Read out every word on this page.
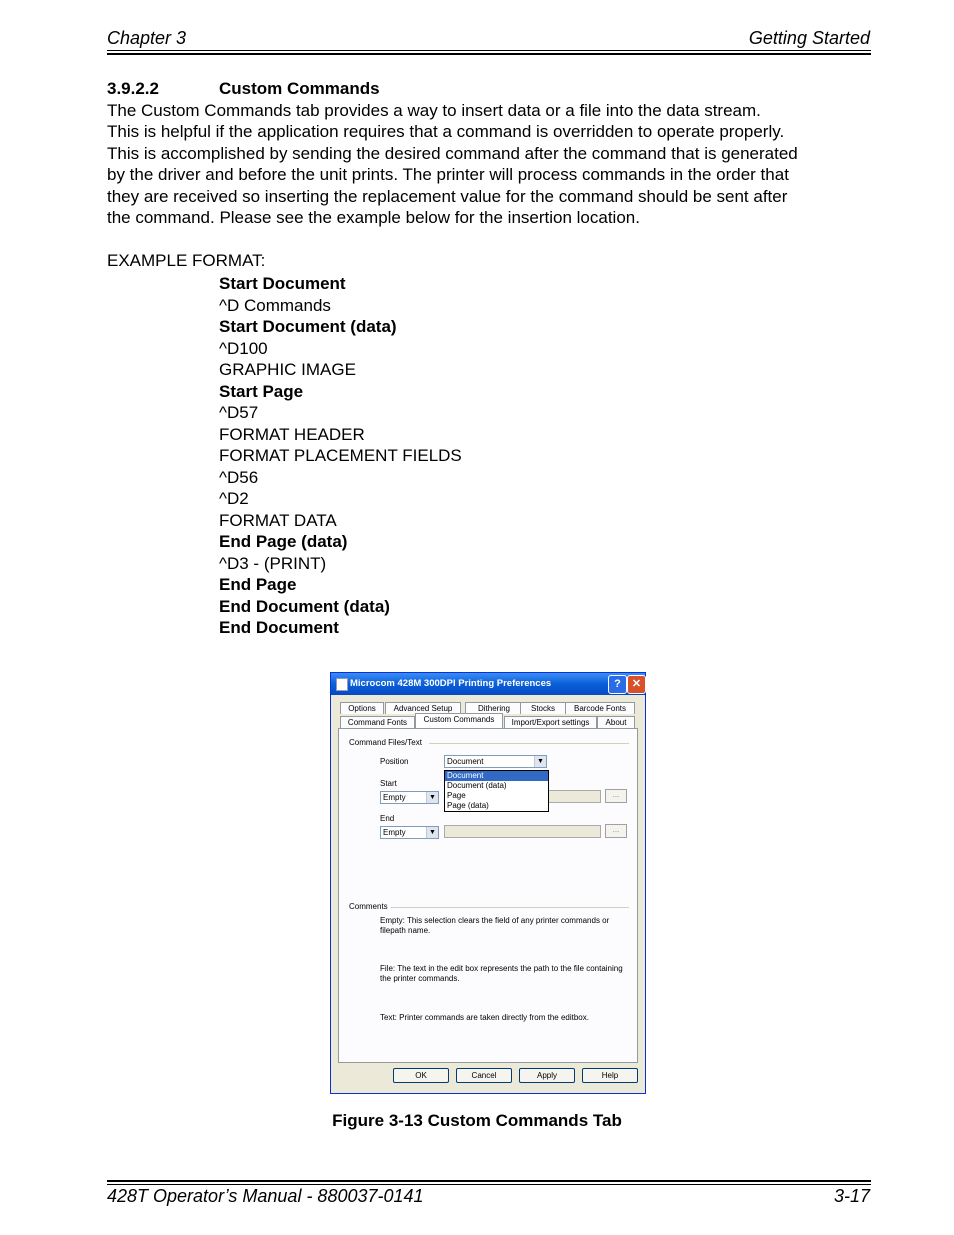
Chapter 3	Getting Started
3.9.2.2	Custom Commands
The Custom Commands tab provides a way to insert data or a file into the data stream.
This is helpful if the application requires that a command is overridden to operate properly.
This is accomplished by sending the desired command after the command that is generated
by the driver and before the unit prints. The printer will process commands in the order that
they are received so inserting the replacement value for the command should be sent after
the command. Please see the example below for the insertion location.
EXAMPLE FORMAT:
Start Document
^D Commands
Start Document (data)
^D100
GRAPHIC IMAGE
Start Page
^D57
FORMAT HEADER
FORMAT PLACEMENT FIELDS
^D56
^D2
FORMAT DATA
End Page (data)
^D3 - (PRINT)
End Page
End Document (data)
End Document
Microcom 428M 300DPI Printing Preferences	?	✕
Options	Advanced Setup	Dithering	Stocks	Barcode Fonts
Command Fonts	Custom Commands	Import/Export settings	About
Command Files/Text
Position	Document	▼
Start
Empty	▼	...
End
Empty	▼	...
Document
Document (data)
Page
Page (data)
Comments
Empty: This selection clears the field of any printer commands or filepath name.
File: The text in the edit box represents the path to the file containing the printer commands.
Text: Printer commands are taken directly from the editbox.
OK	Cancel	Apply	Help
Figure 3-13 Custom Commands Tab
428T Operator’s Manual - 880037-0141	3-17
